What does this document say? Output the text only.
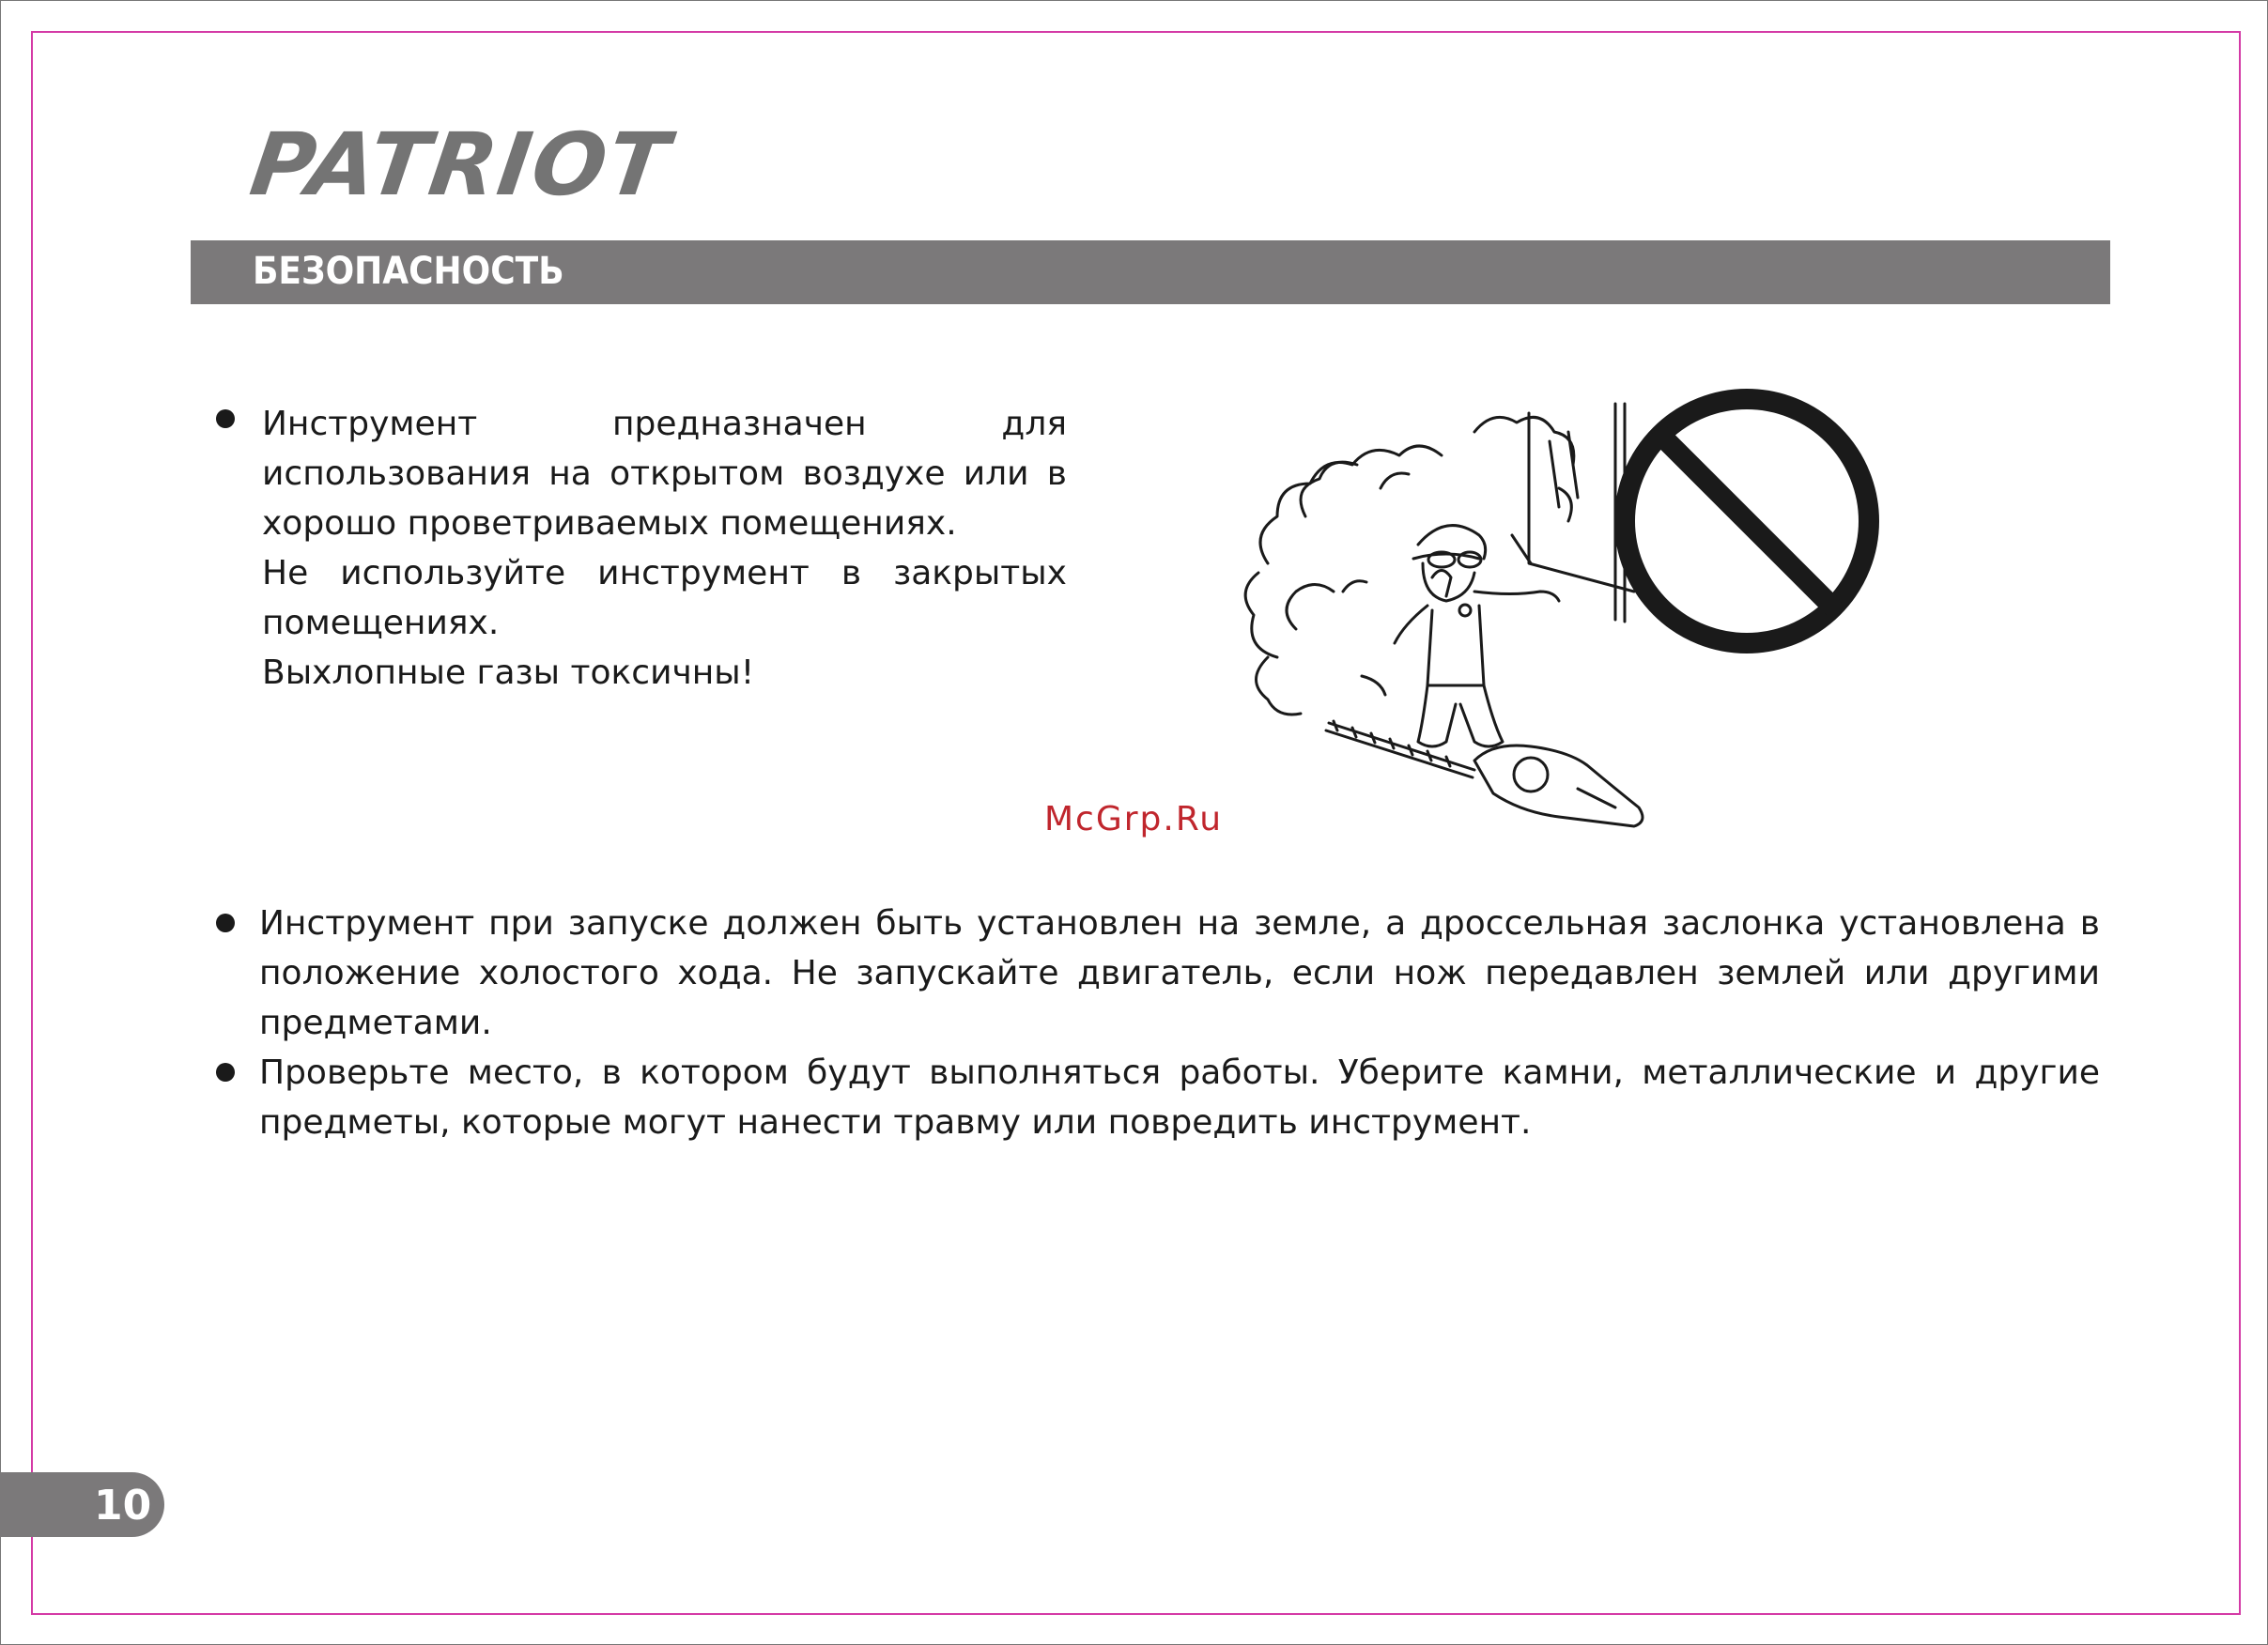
PATRIOT
БЕЗОПАСНОСТЬ
Инструмент предназначен для использования на открытом воздухе или в хорошо проветриваемых помещениях.
Не используйте инструмент в закрытых помещениях.
Выхлопные газы токсичны!
McGrp.Ru
Инструмент при запуске должен быть установлен на земле, а дроссельная заслонка установлена в положение холостого хода. Не запускайте двигатель, если нож передавлен землей или другими предметами.
Проверьте место, в котором будут выполняться работы. Уберите камни, металлические и другие предметы, которые могут нанести травму или повредить инструмент.
10
